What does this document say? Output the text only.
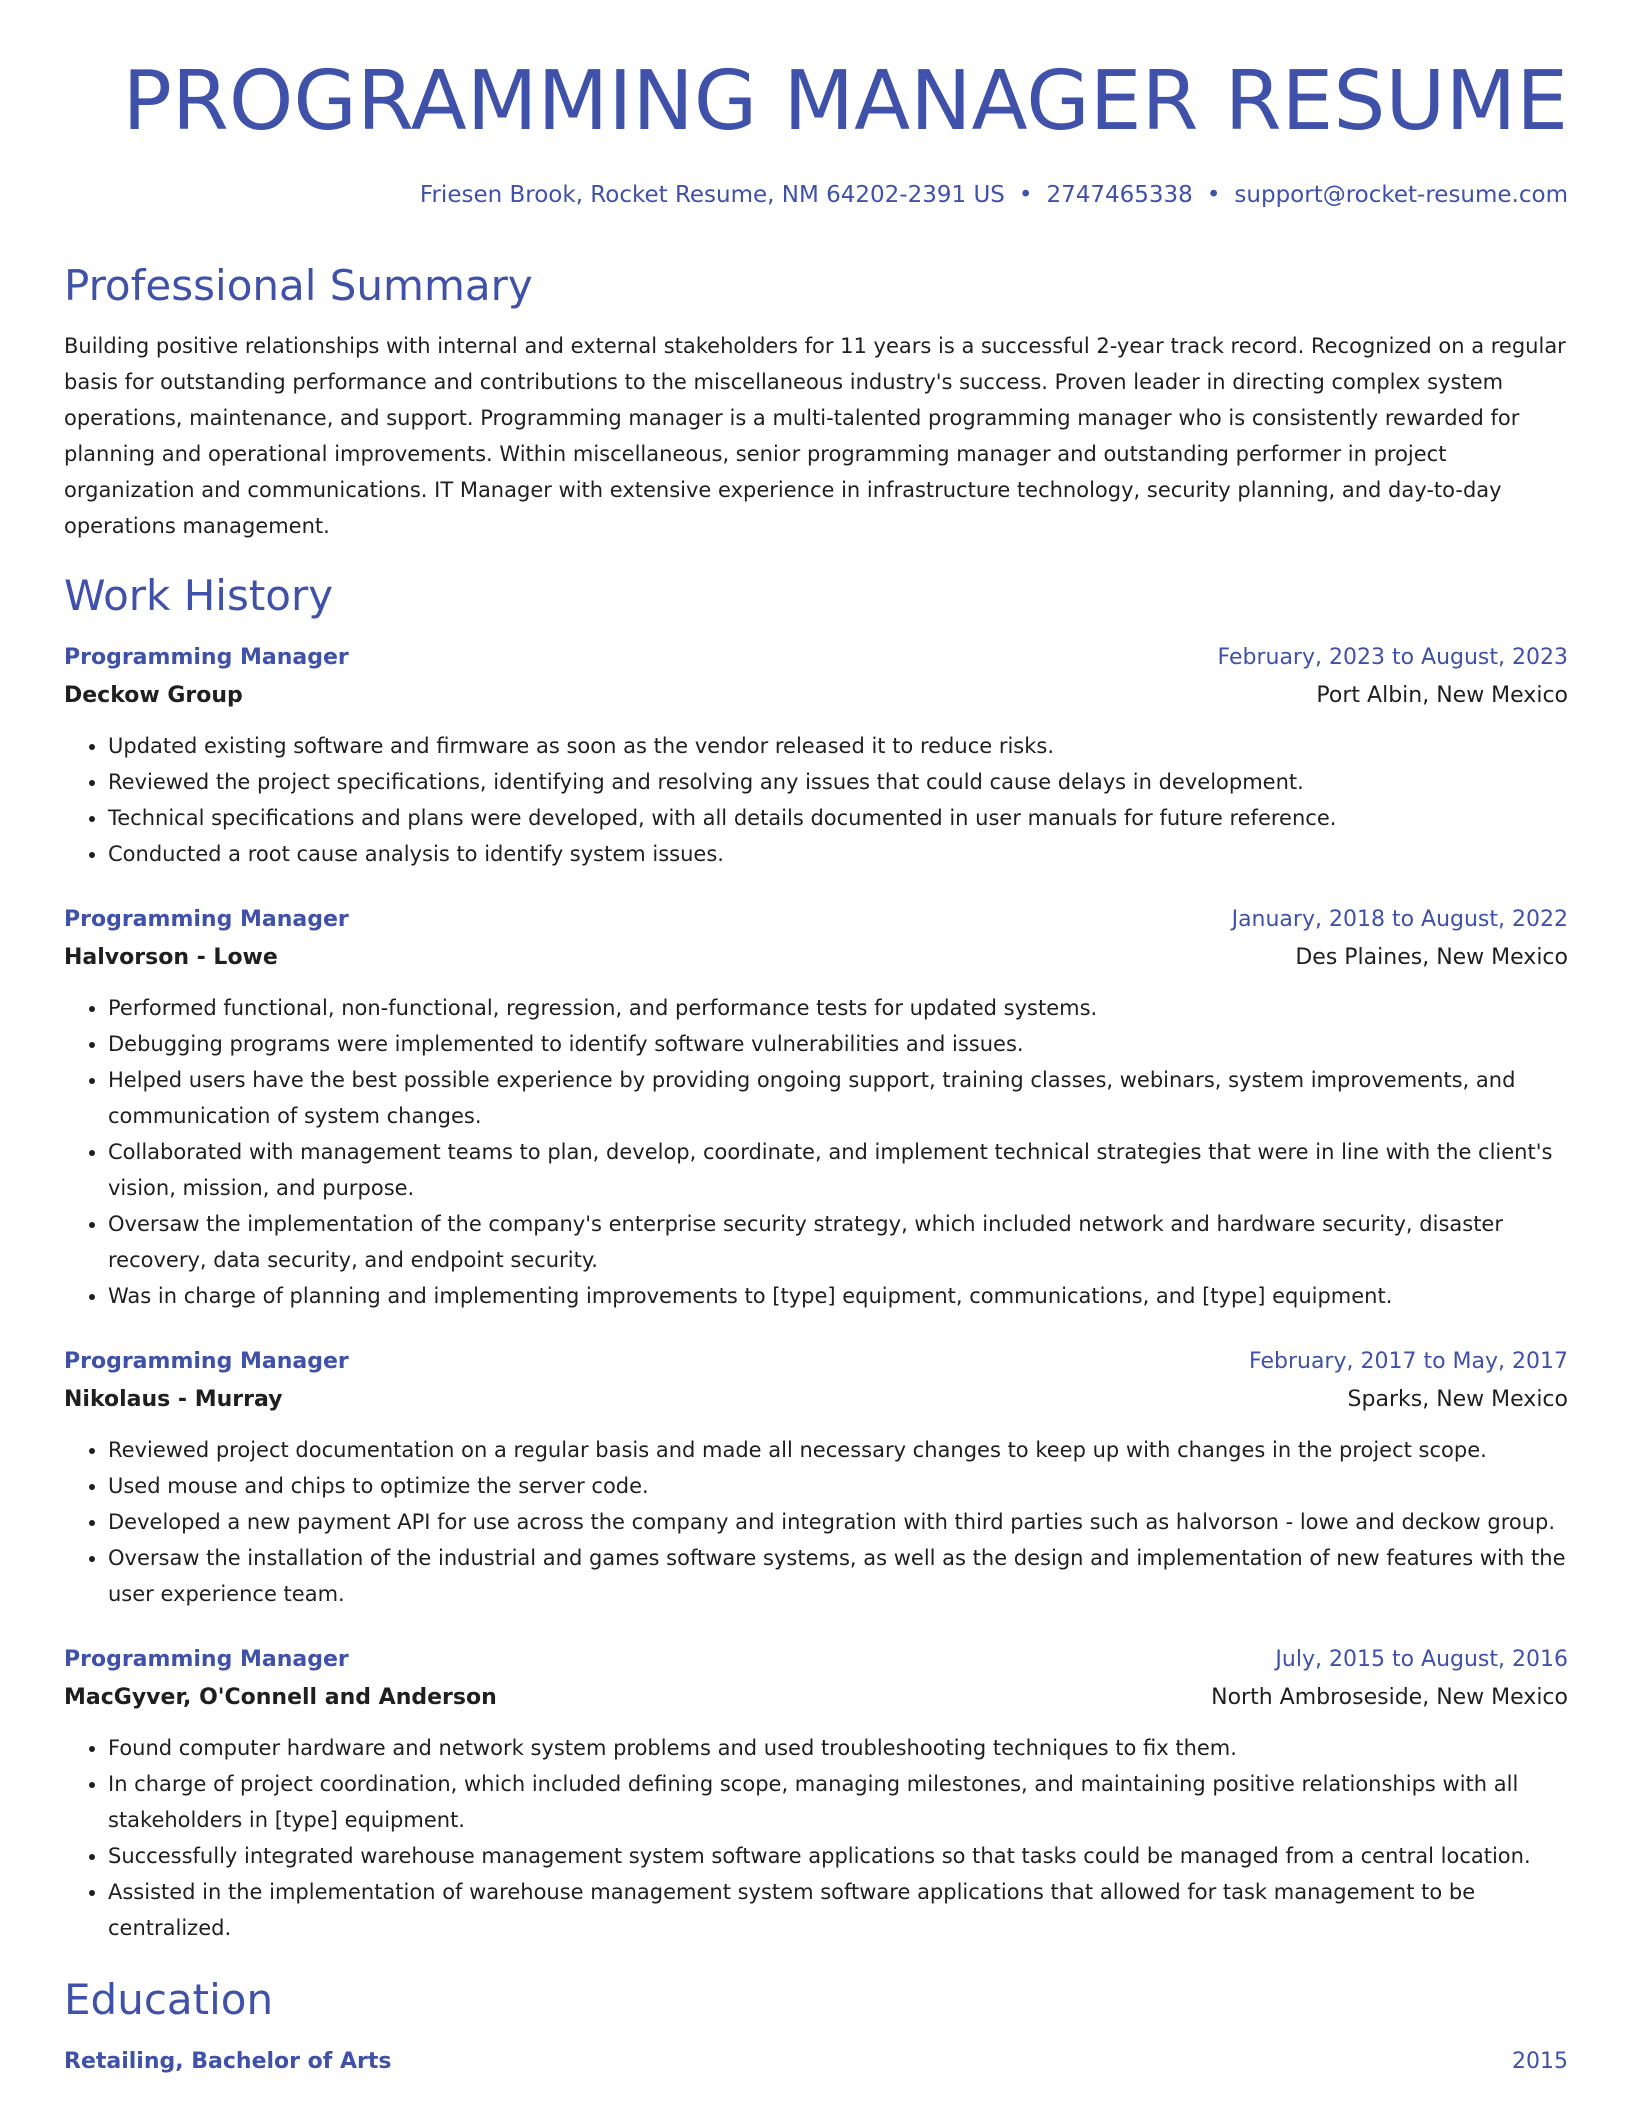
PROGRAMMING MANAGER RESUME
Friesen Brook, Rocket Resume, NM 64202-2391 US • 2747465338 • support@rocket-resume.com
Professional Summary
Building positive relationships with internal and external stakeholders for 11 years is a successful 2-year track record. Recognized on a regular basis for outstanding performance and contributions to the miscellaneous industry's success. Proven leader in directing complex system operations, maintenance, and support. Programming manager is a multi-talented programming manager who is consistently rewarded for planning and operational improvements. Within miscellaneous, senior programming manager and outstanding performer in project organization and communications. IT Manager with extensive experience in infrastructure technology, security planning, and day-to-day operations management.
Work History
Programming Manager	February, 2023 to August, 2023
Deckow Group	Port Albin, New Mexico
• Updated existing software and firmware as soon as the vendor released it to reduce risks.
• Reviewed the project specifications, identifying and resolving any issues that could cause delays in development.
• Technical specifications and plans were developed, with all details documented in user manuals for future reference.
• Conducted a root cause analysis to identify system issues.
Programming Manager	January, 2018 to August, 2022
Halvorson - Lowe	Des Plaines, New Mexico
• Performed functional, non-functional, regression, and performance tests for updated systems.
• Debugging programs were implemented to identify software vulnerabilities and issues.
• Helped users have the best possible experience by providing ongoing support, training classes, webinars, system improvements, and communication of system changes.
• Collaborated with management teams to plan, develop, coordinate, and implement technical strategies that were in line with the client's vision, mission, and purpose.
• Oversaw the implementation of the company's enterprise security strategy, which included network and hardware security, disaster recovery, data security, and endpoint security.
• Was in charge of planning and implementing improvements to [type] equipment, communications, and [type] equipment.
Programming Manager	February, 2017 to May, 2017
Nikolaus - Murray	Sparks, New Mexico
• Reviewed project documentation on a regular basis and made all necessary changes to keep up with changes in the project scope.
• Used mouse and chips to optimize the server code.
• Developed a new payment API for use across the company and integration with third parties such as halvorson - lowe and deckow group.
• Oversaw the installation of the industrial and games software systems, as well as the design and implementation of new features with the user experience team.
Programming Manager	July, 2015 to August, 2016
MacGyver, O'Connell and Anderson	North Ambroseside, New Mexico
• Found computer hardware and network system problems and used troubleshooting techniques to fix them.
• In charge of project coordination, which included defining scope, managing milestones, and maintaining positive relationships with all stakeholders in [type] equipment.
• Successfully integrated warehouse management system software applications so that tasks could be managed from a central location.
• Assisted in the implementation of warehouse management system software applications that allowed for task management to be centralized.
Education
Retailing, Bachelor of Arts	2015
